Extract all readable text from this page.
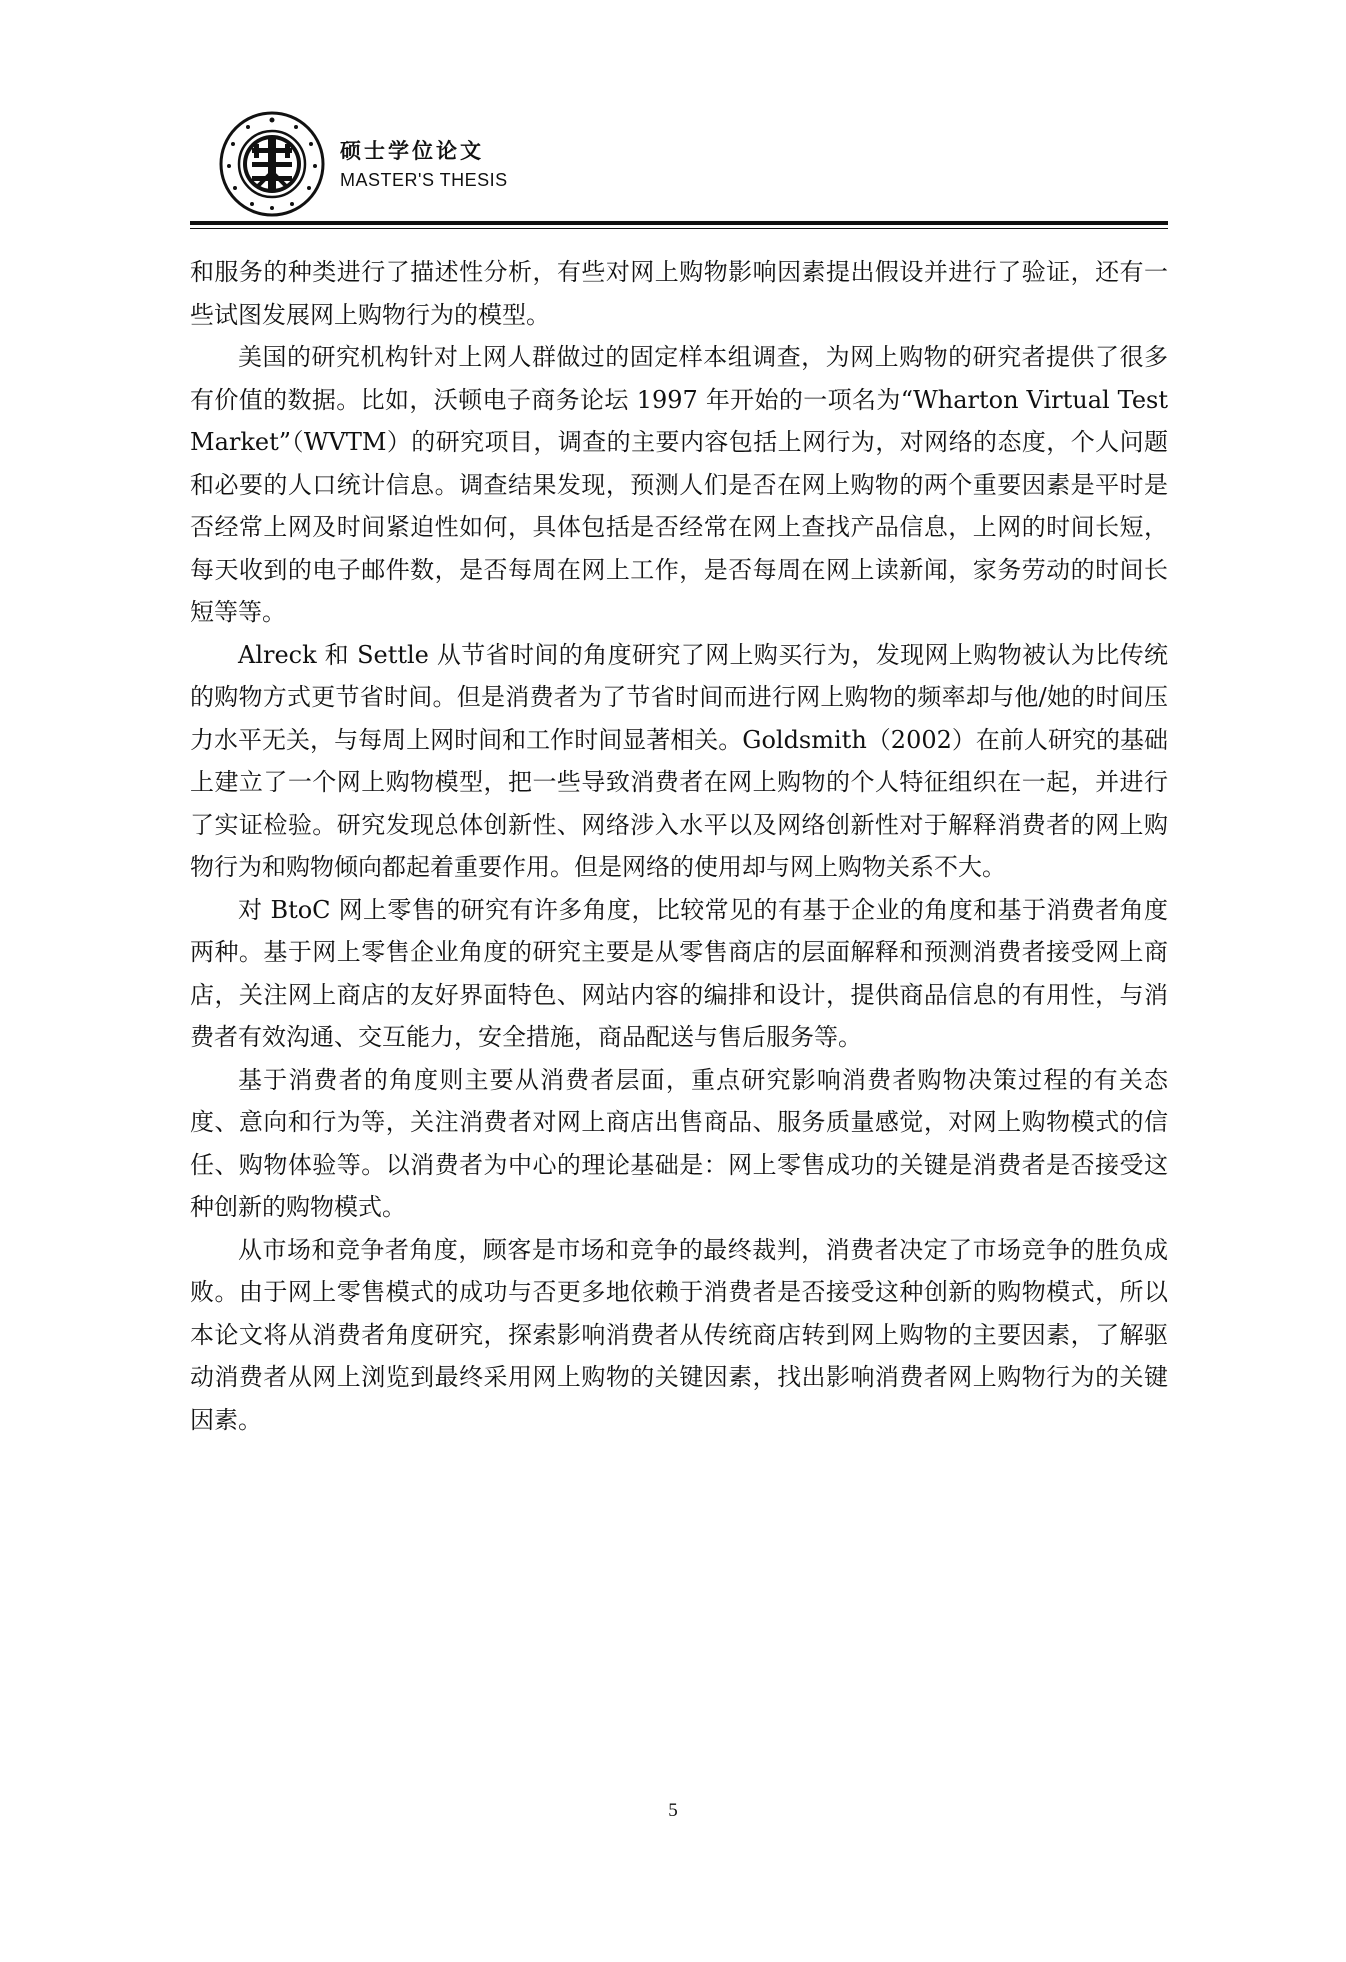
硕士学位论文
MASTER'S THESIS

和服务的种类进行了描述性分析，有些对网上购物影响因素提出假设并进行了验证，还有一些试图发展网上购物行为的模型。

美国的研究机构针对上网人群做过的固定样本组调查，为网上购物的研究者提供了很多有价值的数据。比如，沃顿电子商务论坛 1997 年开始的一项名为“Wharton Virtual Test Market”（WVTM）的研究项目，调查的主要内容包括上网行为，对网络的态度，个人问题和必要的人口统计信息。调查结果发现，预测人们是否在网上购物的两个重要因素是平时是否经常上网及时间紧迫性如何，具体包括是否经常在网上查找产品信息，上网的时间长短，每天收到的电子邮件数，是否每周在网上工作，是否每周在网上读新闻，家务劳动的时间长短等等。

Alreck 和 Settle 从节省时间的角度研究了网上购买行为，发现网上购物被认为比传统的购物方式更节省时间。但是消费者为了节省时间而进行网上购物的频率却与他/她的时间压力水平无关，与每周上网时间和工作时间显著相关。Goldsmith（2002）在前人研究的基础上建立了一个网上购物模型，把一些导致消费者在网上购物的个人特征组织在一起，并进行了实证检验。研究发现总体创新性、网络涉入水平以及网络创新性对于解释消费者的网上购物行为和购物倾向都起着重要作用。但是网络的使用却与网上购物关系不大。

对 BtoC 网上零售的研究有许多角度，比较常见的有基于企业的角度和基于消费者角度两种。基于网上零售企业角度的研究主要是从零售商店的层面解释和预测消费者接受网上商店，关注网上商店的友好界面特色、网站内容的编排和设计，提供商品信息的有用性，与消费者有效沟通、交互能力，安全措施，商品配送与售后服务等。

基于消费者的角度则主要从消费者层面，重点研究影响消费者购物决策过程的有关态度、意向和行为等，关注消费者对网上商店出售商品、服务质量感觉，对网上购物模式的信任、购物体验等。以消费者为中心的理论基础是：网上零售成功的关键是消费者是否接受这种创新的购物模式。

从市场和竞争者角度，顾客是市场和竞争的最终裁判，消费者决定了市场竞争的胜负成败。由于网上零售模式的成功与否更多地依赖于消费者是否接受这种创新的购物模式，所以本论文将从消费者角度研究，探索影响消费者从传统商店转到网上购物的主要因素，了解驱动消费者从网上浏览到最终采用网上购物的关键因素，找出影响消费者网上购物行为的关键因素。

5
